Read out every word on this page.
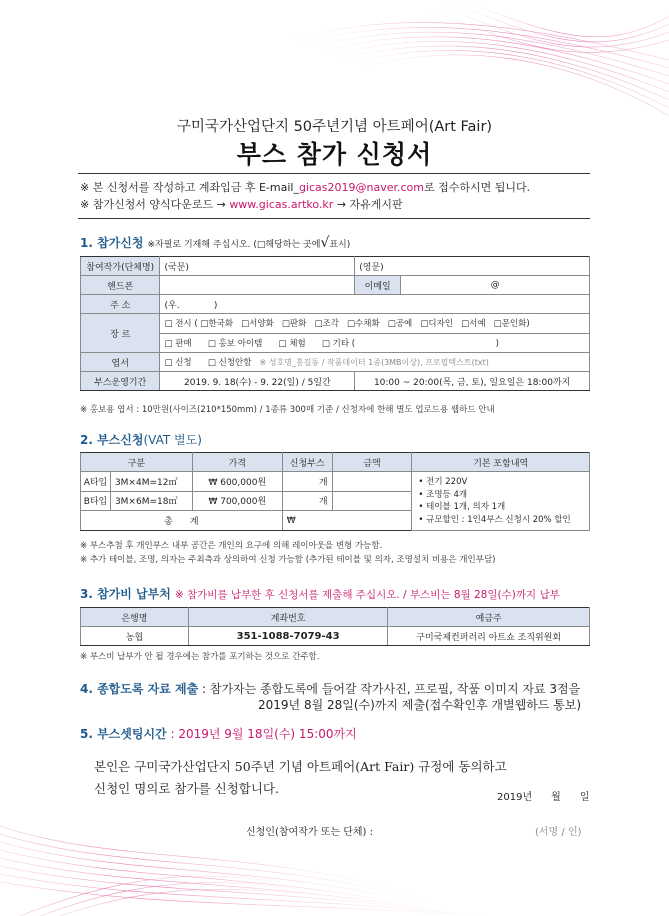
구미국가산업단지 50주년기념 아트페어(Art Fair)
부스 참가 신청서
※ 본 신청서를 작성하고 계좌입금 후 E-mail_gicas2019@naver.com로 접수하시면 됩니다.
※ 참가신청서 양식다운로드 → www.gicas.artko.kr → 자유게시판
1. 참가신청 ※자필로 기재해 주십시오. (□해당하는 곳에√표시)
참여작가(단체명)	(국문)	(영문)	
핸드폰		이메일	@
주 소	(우.            )		
장 르	□ 전시 ( □한국화   □서양화   □판화   □조각   □수채화   □공예   □디자인   □서예   □문인화)		
	□ 판매      □ 홍보 아이템      □ 체험      □ 기타 (                                                    )		
엽서	□ 신청      □ 신청안함 ※ 성호명_홍길동 / 작품데이터 1종(3MB이상), 프로필텍스트(txt)		
부스운영기간	2019. 9. 18(수) - 9. 22(일) / 5일간	10:00 ~ 20:00(목, 금, 토), 일요일은 18:00까지	
※ 홍보용 엽서 : 10만원(사이즈(210*150mm) / 1종류 300매 기준 / 신청자에 한해 별도 업로드용 웹하드 안내
2. 부스신청(VAT 별도)
구분		가격	신청부스	금액	기본 포함내역
A타입	3M×4M=12㎡	₩ 600,000원	개		• 전기 220V
• 조명등 4개
• 테이블 1개, 의자 1개
• 규모할인 : 1인4부스 신청시 20% 할인

B타입	3M×6M=18㎡	₩ 700,000원	개		
총      계			₩		
※ 부스추첨 후 개인부스 내부 공간은 개인의 요구에 의해 레이아웃을 변형 가능함.
※ 추가 테이블, 조명, 의자는 주최측과 상의하여 신청 가능함 (추가된 테이블 및 의자, 조명설치 비용은 개인부담)
3. 참가비 납부처 ※ 참가비를 납부한 후 신청서를 제출해 주십시오. / 부스비는 8월 28일(수)까지 납부
은행명	계좌번호	예금주
농협	351-1088-7079-43	구미국제컨퍼러리 아트쇼 조직위원회
※ 부스비 납부가 안 될 경우에는 참가를 포기하는 것으로 간주함.
4. 종합도록 자료 제출 : 참가자는 종합도록에 들어갈 작가사진, 프로필, 작품 이미지 자료 3점을
2019년 8월 28일(수)까지 제출(접수확인후 개별웹하드 통보)
5. 부스셋팅시간 : 2019년 9월 18일(수) 15:00까지
본인은 구미국가산업단지 50주년 기념 아트페어(Art Fair) 규정에 동의하고
신청인 명의로 참가를 신청합니다.
2019년      월      일
신청인(참여작가 또는 단체) :	(서명 / 인)
